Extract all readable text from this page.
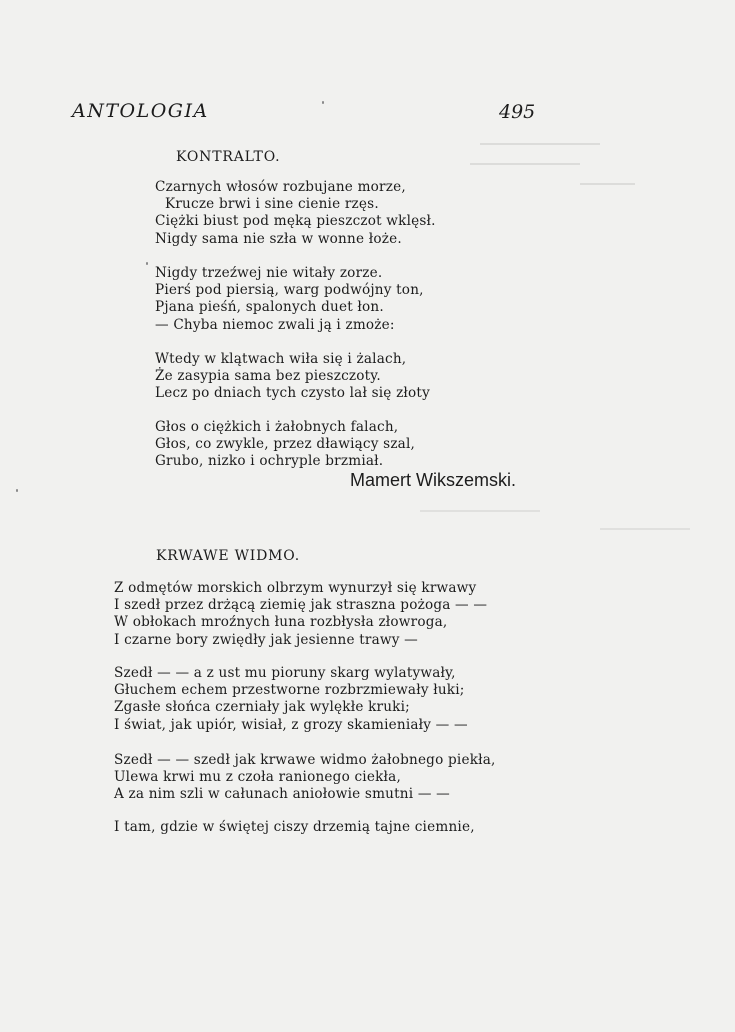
ANTOLOGIA	495
KONTRALTO.
Czarnych włosów rozbujane morze,
Krucze brwi i sine cienie rzęs.
Ciężki biust pod męką pieszczot wklęsł.
Nigdy sama nie szła w wonne łoże.
Nigdy trzeźwej nie witały zorze.
Pierś pod piersią, warg podwójny ton,
Pjana pieśń, spalonych duet łon.
— Chyba niemoc zwali ją i zmoże:
Wtedy w klątwach wiła się i żalach,
Że zasypia sama bez pieszczoty.
Lecz po dniach tych czysto lał się złoty
Głos o ciężkich i żałobnych falach,
Głos, co zwykle, przez dławiący szal,
Grubo, nizko i ochryple brzmiał.
Mamert Wikszemski.
KRWAWE WIDMO.
Z odmętów morskich olbrzym wynurzył się krwawy
I szedł przez drżącą ziemię jak straszna pożoga — —
W obłokach mroźnych łuna rozbłysła złowroga,
I czarne bory zwiędły jak jesienne trawy —
Szedł — — a z ust mu pioruny skarg wylatywały,
Głuchem echem przestworne rozbrzmiewały łuki;
Zgasłe słońca czerniały jak wylękłe kruki;
I świat, jak upiór, wisiał, z grozy skamieniały — —
Szedł — — szedł jak krwawe widmo żałobnego piekła,
Ulewa krwi mu z czoła ranionego ciekła,
A za nim szli w całunach aniołowie smutni — —
I tam, gdzie w świętej ciszy drzemią tajne ciemnie,
